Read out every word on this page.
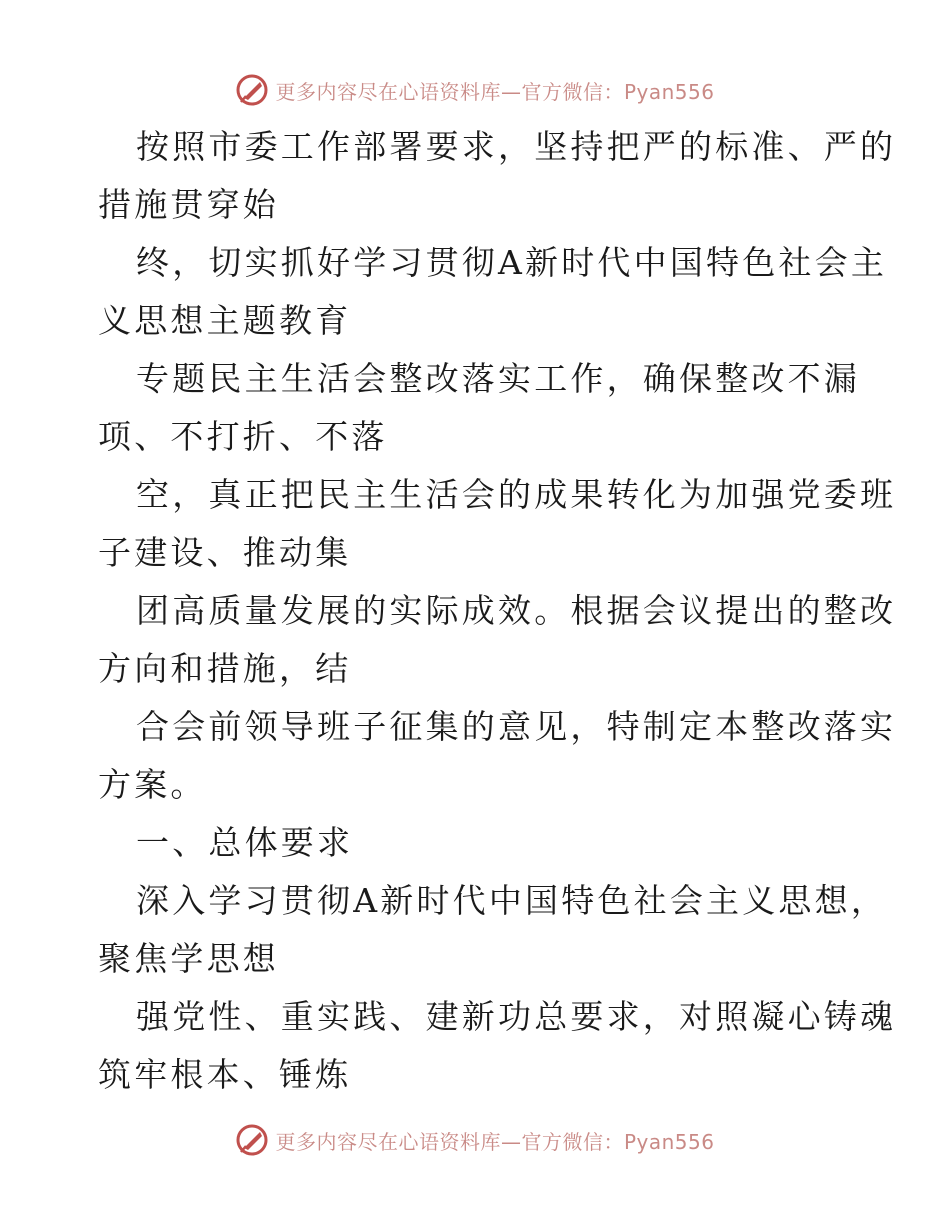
更多内容尽在心语资料库—官方微信：Pyan556
按照市委工作部署要求，坚持把严的标准、严的
措施贯穿始
终，切实抓好学习贯彻A新时代中国特色社会主
义思想主题教育
专题民主生活会整改落实工作，确保整改不漏
项、不打折、不落
空，真正把民主生活会的成果转化为加强党委班
子建设、推动集
团高质量发展的实际成效。根据会议提出的整改
方向和措施，结
合会前领导班子征集的意见，特制定本整改落实
方案。
一、总体要求
深入学习贯彻A新时代中国特色社会主义思想，
聚焦学思想
强党性、重实践、建新功总要求，对照凝心铸魂
筑牢根本、锤炼
更多内容尽在心语资料库—官方微信：Pyan556
